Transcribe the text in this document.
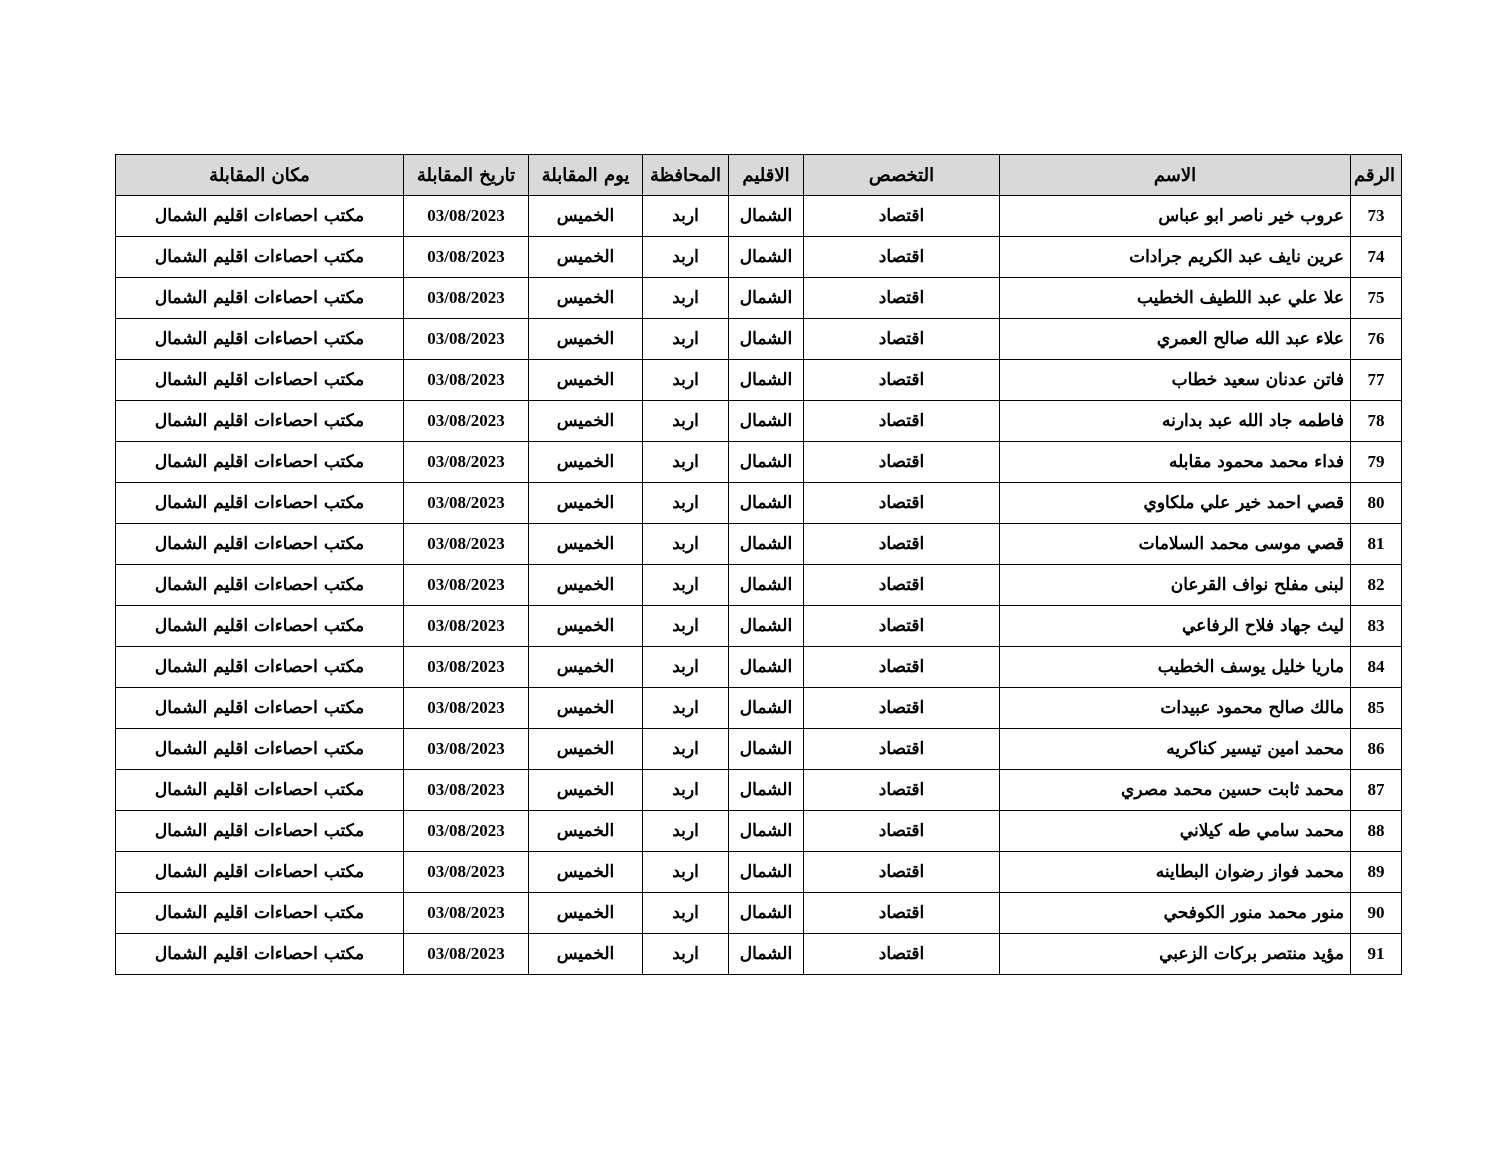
الرقم	الاسم	التخصص	الاقليم	المحافظة	يوم المقابلة	تاريخ المقابلة	مكان المقابلة
73	عروب خير ناصر ابو عباس	اقتصاد	الشمال	اربد	الخميس	03/08/2023	مكتب احصاءات اقليم الشمال
74	عرين نايف عبد الكريم جرادات	اقتصاد	الشمال	اربد	الخميس	03/08/2023	مكتب احصاءات اقليم الشمال
75	علا علي عبد اللطيف الخطيب	اقتصاد	الشمال	اربد	الخميس	03/08/2023	مكتب احصاءات اقليم الشمال
76	علاء عبد الله صالح العمري	اقتصاد	الشمال	اربد	الخميس	03/08/2023	مكتب احصاءات اقليم الشمال
77	فاتن عدنان سعيد خطاب	اقتصاد	الشمال	اربد	الخميس	03/08/2023	مكتب احصاءات اقليم الشمال
78	فاطمه جاد الله عبد بدارنه	اقتصاد	الشمال	اربد	الخميس	03/08/2023	مكتب احصاءات اقليم الشمال
79	فداء محمد محمود مقابله	اقتصاد	الشمال	اربد	الخميس	03/08/2023	مكتب احصاءات اقليم الشمال
80	قصي احمد خير علي ملكاوي	اقتصاد	الشمال	اربد	الخميس	03/08/2023	مكتب احصاءات اقليم الشمال
81	قصي موسى محمد السلامات	اقتصاد	الشمال	اربد	الخميس	03/08/2023	مكتب احصاءات اقليم الشمال
82	لبنى مفلح نواف القرعان	اقتصاد	الشمال	اربد	الخميس	03/08/2023	مكتب احصاءات اقليم الشمال
83	ليث جهاد فلاح الرفاعي	اقتصاد	الشمال	اربد	الخميس	03/08/2023	مكتب احصاءات اقليم الشمال
84	ماريا خليل يوسف الخطيب	اقتصاد	الشمال	اربد	الخميس	03/08/2023	مكتب احصاءات اقليم الشمال
85	مالك صالح محمود عبيدات	اقتصاد	الشمال	اربد	الخميس	03/08/2023	مكتب احصاءات اقليم الشمال
86	محمد امين تيسير كناكريه	اقتصاد	الشمال	اربد	الخميس	03/08/2023	مكتب احصاءات اقليم الشمال
87	محمد ثابت حسين محمد مصري	اقتصاد	الشمال	اربد	الخميس	03/08/2023	مكتب احصاءات اقليم الشمال
88	محمد سامي طه كيلاني	اقتصاد	الشمال	اربد	الخميس	03/08/2023	مكتب احصاءات اقليم الشمال
89	محمد فواز رضوان البطاينه	اقتصاد	الشمال	اربد	الخميس	03/08/2023	مكتب احصاءات اقليم الشمال
90	منور محمد منور الكوفحي	اقتصاد	الشمال	اربد	الخميس	03/08/2023	مكتب احصاءات اقليم الشمال
91	مؤيد منتصر بركات الزعبي	اقتصاد	الشمال	اربد	الخميس	03/08/2023	مكتب احصاءات اقليم الشمال
